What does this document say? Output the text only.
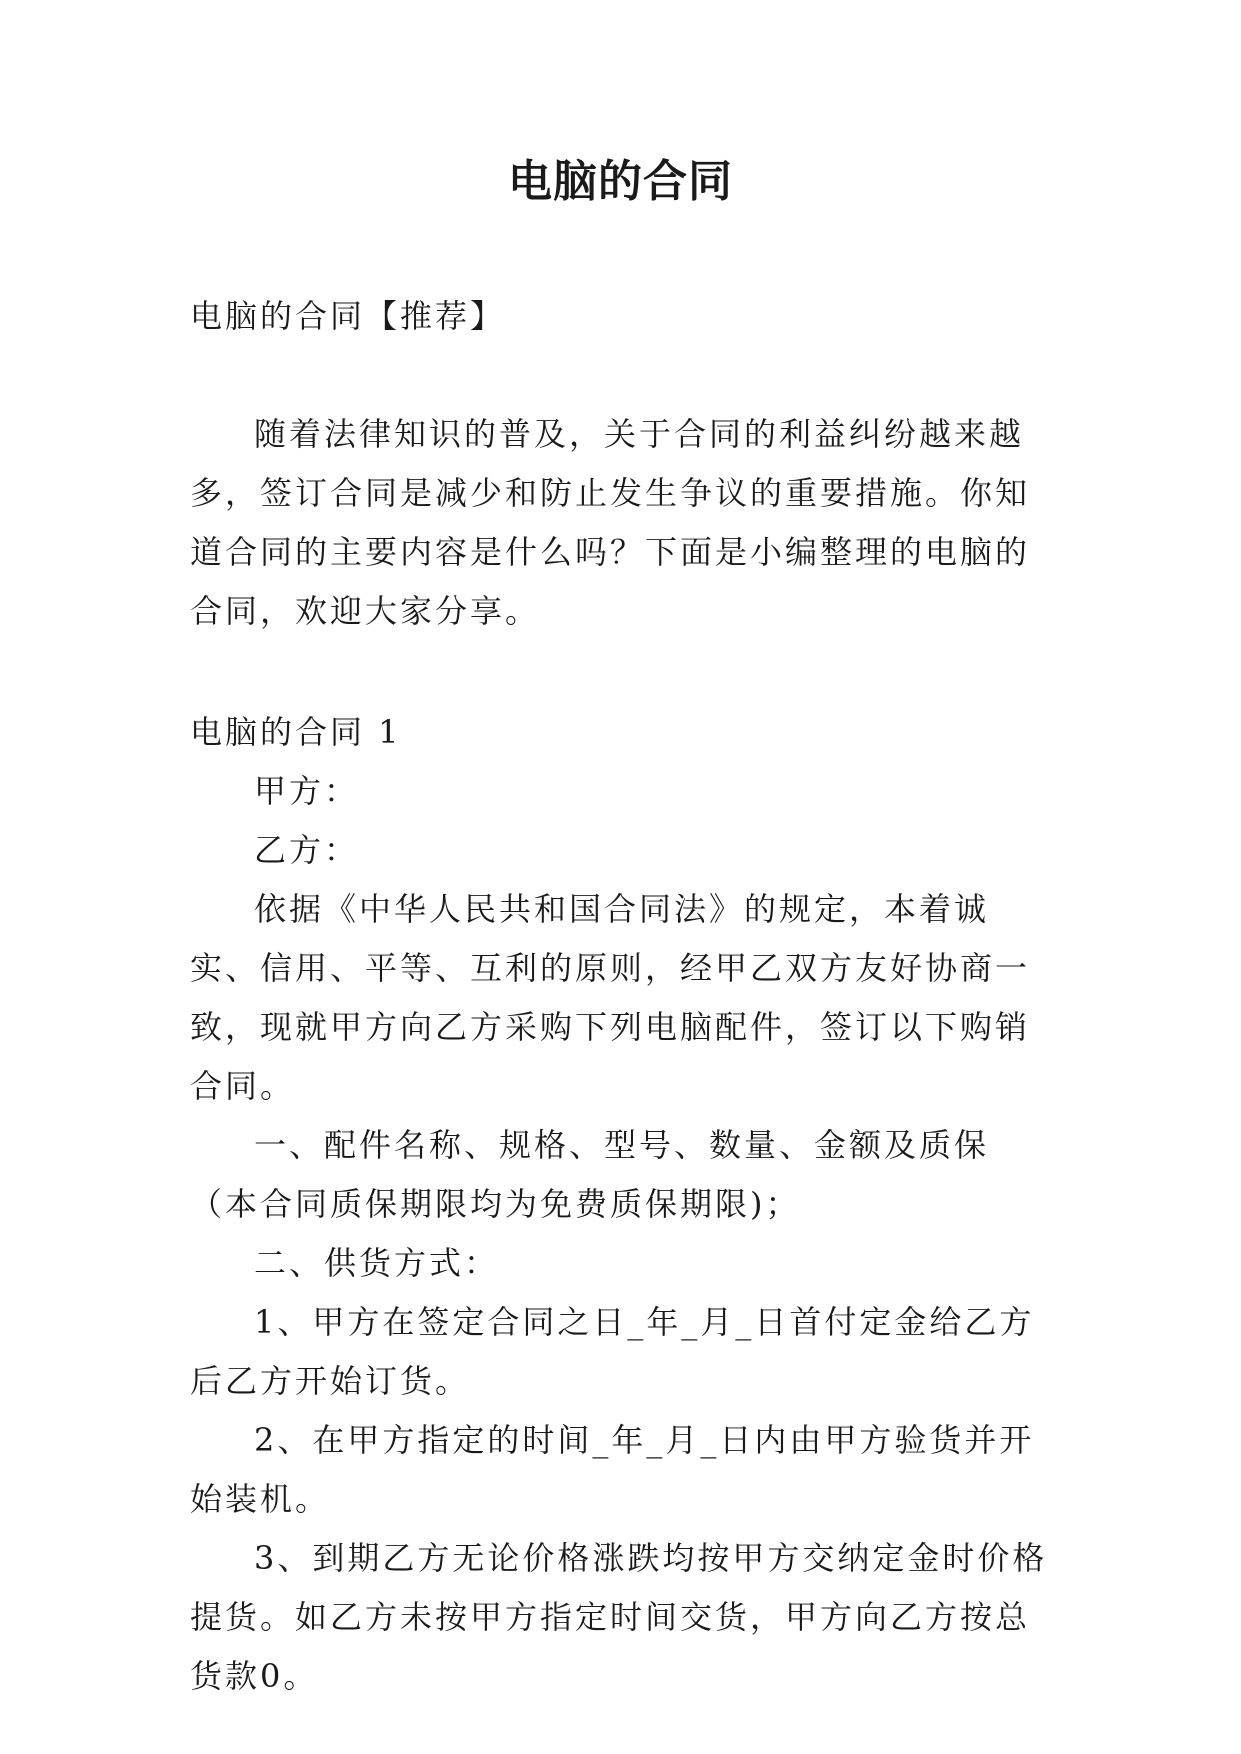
电脑的合同

电脑的合同【推荐】

随着法律知识的普及，关于合同的利益纠纷越来越多，签订合同是减少和防止发生争议的重要措施。你知道合同的主要内容是什么吗？下面是小编整理的电脑的合同，欢迎大家分享。

电脑的合同 1

甲方：

乙方：

依据《中华人民共和国合同法》的规定，本着诚实、信用、平等、互利的原则，经甲乙双方友好协商一致，现就甲方向乙方采购下列电脑配件，签订以下购销合同。

一、配件名称、规格、型号、数量、金额及质保（本合同质保期限均为免费质保期限)；

二、供货方式：

1、甲方在签定合同之日_年_月_日首付定金给乙方后乙方开始订货。

2、在甲方指定的时间_年_月_日内由甲方验货并开始装机。

3、到期乙方无论价格涨跌均按甲方交纳定金时价格提货。如乙方未按甲方指定时间交货，甲方向乙方按总货款0。
